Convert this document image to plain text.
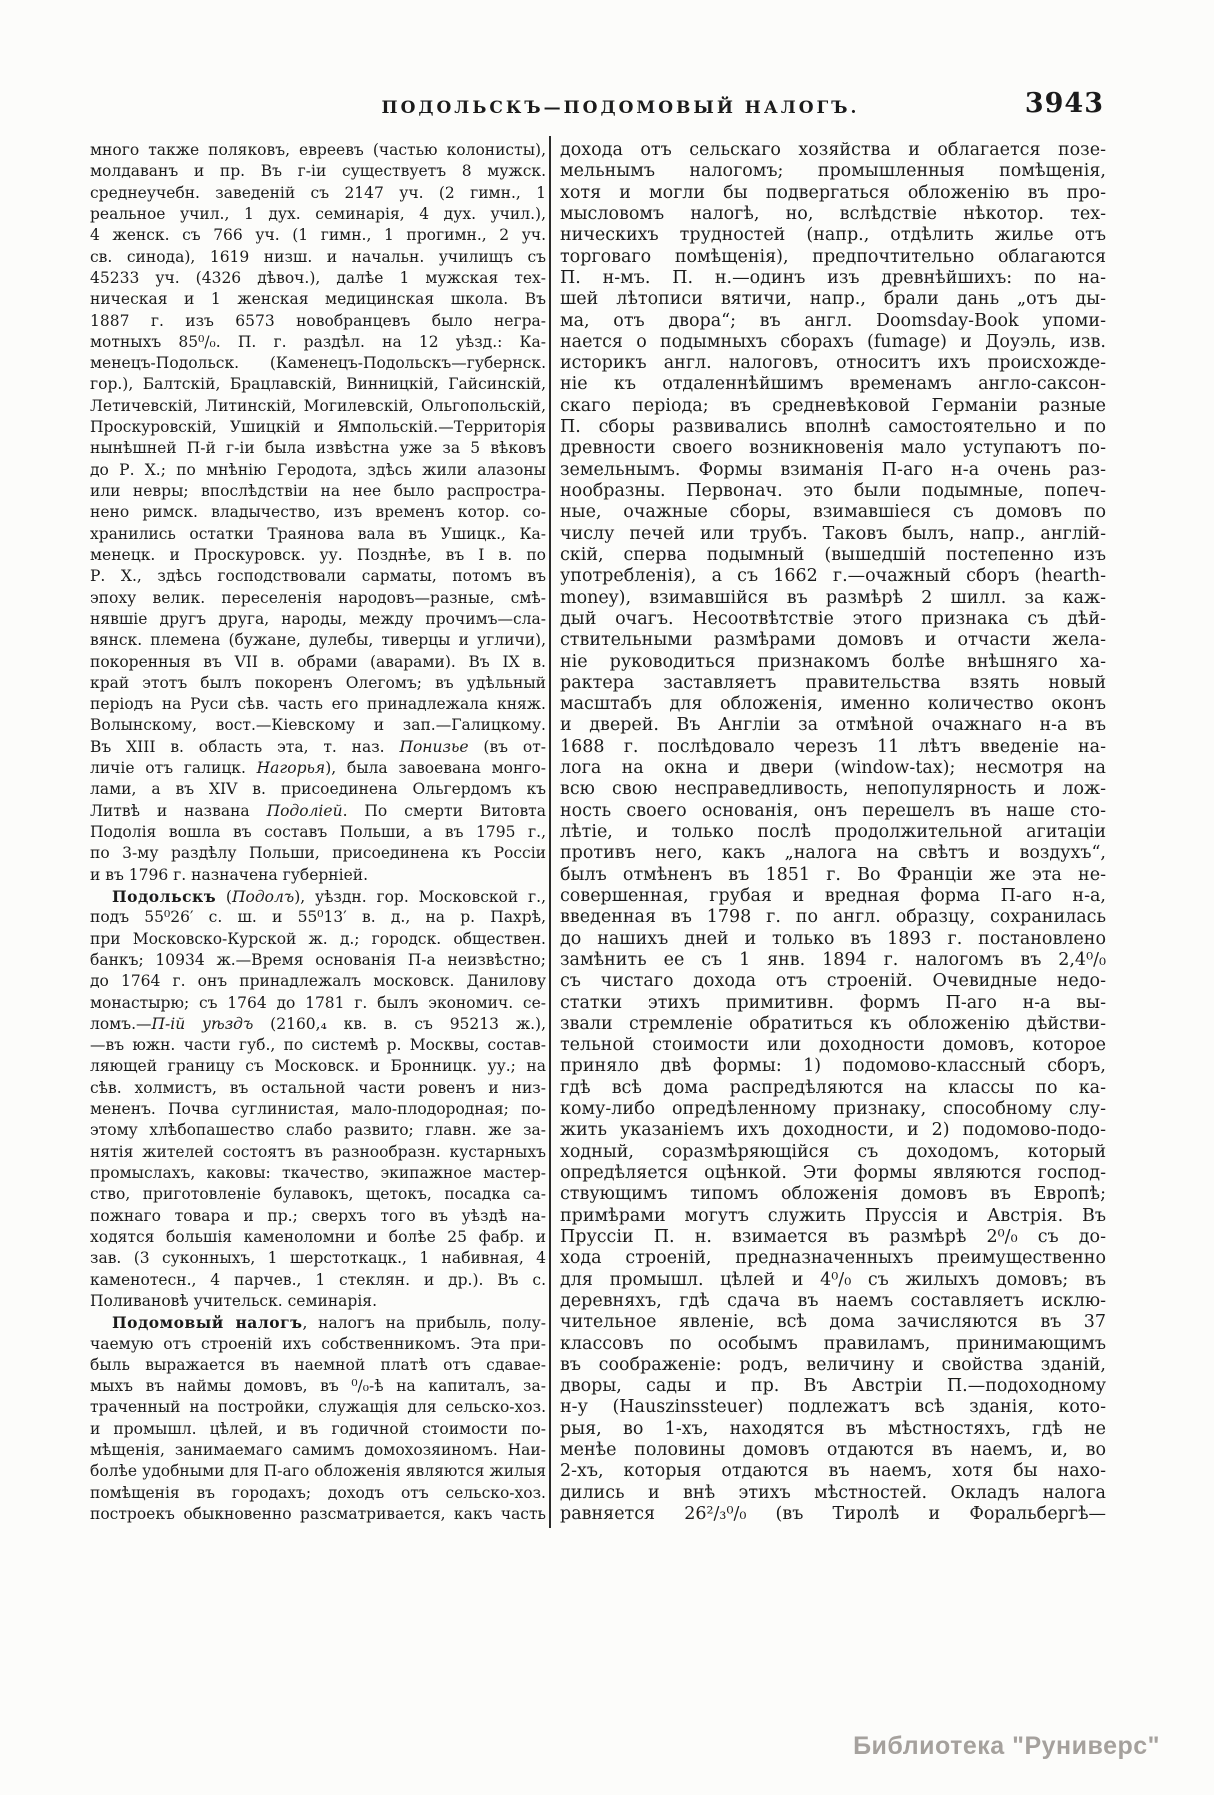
ПОДОЛЬСКЪ—ПОДОМОВЫЙ НАЛОГЪ.	3943
много также поляковъ, евреевъ (частью колонисты),
молдаванъ и пр. Въ г-іи существуетъ 8 мужск.
среднеучебн. заведеній съ 2147 уч. (2 гимн., 1
реальное учил., 1 дух. семинарія, 4 дух. учил.),
4 женск. съ 766 уч. (1 гимн., 1 прогимн., 2 уч.
св. синода), 1619 низш. и начальн. училищъ съ
45233 уч. (4326 дѣвоч.), далѣе 1 мужская тех-
ническая и 1 женская медицинская школа. Въ
1887 г. изъ 6573 новобранцевъ было негра-
мотныхъ 85⁰/₀. П. г. раздѣл. на 12 уѣзд.: Ка-
менецъ-Подольск. (Каменецъ-Подольскъ—губернск.
гор.), Балтскій, Брацлавскій, Винницкій, Гайсинскій,
Летичевскій, Литинскій, Могилевскій, Ольгопольскій,
Проскуровскій, Ушицкій и Ямпольскій.—Территорія
нынѣшней П-й г-іи была извѣстна уже за 5 вѣковъ
до Р. Х.; по мнѣнію Геродота, здѣсь жили алазоны
или невры; впослѣдствіи на нее было распростра-
нено римск. владычество, изъ временъ котор. со-
хранились остатки Траянова вала въ Ушицк., Ка-
менецк. и Проскуровск. уу. Позднѣе, въ I в. по
Р. Х., здѣсь господствовали сарматы, потомъ въ
эпоху велик. переселенія народовъ—разные, смѣ-
нявшіе другъ друга, народы, между прочимъ—сла-
вянск. племена (бужане, дулебы, тиверцы и угличи),
покоренныя въ VII в. обрами (аварами). Въ IX в.
край этотъ былъ покоренъ Олегомъ; въ удѣльный
періодъ на Руси сѣв. часть его принадлежала княж.
Волынскому, вост.—Кіевскому и зап.—Галицкому.
Въ XIII в. область эта, т. наз. Понизье (въ от-
личіе отъ галицк. Нагорья), была завоевана монго-
лами, а въ XIV в. присоединена Ольгердомъ къ
Литвѣ и названа Подоліей. По смерти Витовта
Подолія вошла въ составъ Польши, а въ 1795 г.,
по 3-му раздѣлу Польши, присоединена къ Россіи
и въ 1796 г. назначена губерніей.
Подольскъ (Подолъ), уѣздн. гор. Московской г.,
подъ 55⁰26′ с. ш. и 55⁰13′ в. д., на р. Пахрѣ,
при Московско-Курской ж. д.; городск. обществен.
банкъ; 10934 ж.—Время основанія П-а неизвѣстно;
до 1764 г. онъ принадлежалъ московск. Данилову
монастырю; съ 1764 до 1781 г. былъ экономич. се-
ломъ.—П-ій уѣздъ (2160,₄ кв. в. съ 95213 ж.),
—въ южн. части губ., по системѣ р. Москвы, состав-
ляющей границу съ Московск. и Бронницк. уу.; на
сѣв. холмистъ, въ остальной части ровенъ и низ-
мененъ. Почва суглинистая, мало-плодородная; по-
этому хлѣбопашество слабо развито; главн. же за-
нятія жителей состоятъ въ разнообразн. кустарныхъ
промыслахъ, каковы: ткачество, экипажное мастер-
ство, приготовленіе булавокъ, щетокъ, посадка са-
пожнаго товара и пр.; сверхъ того въ уѣздѣ на-
ходятся большія каменоломни и болѣе 25 фабр. и
зав. (3 суконныхъ, 1 шерстоткацк., 1 набивная, 4
каменотесн., 4 парчев., 1 стеклян. и др.). Въ с.
Поливановѣ учительск. семинарія.
Подомовый налогъ, налогъ на прибыль, полу-
чаемую отъ строеній ихъ собственникомъ. Эта при-
быль выражается въ наемной платѣ отъ сдавае-
мыхъ въ наймы домовъ, въ ⁰/₀-ѣ на капиталъ, за-
траченный на постройки, служащія для сельско-хоз.
и промышл. цѣлей, и въ годичной стоимости по-
мѣщенія, занимаемаго самимъ домохозяиномъ. Наи-
болѣе удобными для П-аго обложенія являются жилыя
помѣщенія въ городахъ; доходъ отъ сельско-хоз.
построекъ обыкновенно разсматривается, какъ часть
дохода отъ сельскаго хозяйства и облагается позе-
мельнымъ налогомъ; промышленныя помѣщенія,
хотя и могли бы подвергаться обложенію въ про-
мысловомъ налогѣ, но, вслѣдствіе нѣкотор. тех-
ническихъ трудностей (напр., отдѣлить жилье отъ
торговаго помѣщенія), предпочтительно облагаются
П. н-мъ. П. н.—одинъ изъ древнѣйшихъ: по на-
шей лѣтописи вятичи, напр., брали дань „отъ ды-
ма, отъ двора“; въ англ. Doomsday-Book упоми-
нается о подымныхъ сборахъ (fumage) и Доуэль, изв.
историкъ англ. налоговъ, относитъ ихъ происхожде-
ніе къ отдаленнѣйшимъ временамъ англо-саксон-
скаго періода; въ средневѣковой Германіи разные
П. сборы развивались вполнѣ самостоятельно и по
древности своего возникновенія мало уступаютъ по-
земельнымъ. Формы взиманія П-аго н-а очень раз-
нообразны. Первонач. это были подымные, попеч-
ные, очажные сборы, взимавшіеся съ домовъ по
числу печей или трубъ. Таковъ былъ, напр., англій-
скій, сперва подымный (вышедшій постепенно изъ
употребленія), а съ 1662 г.—очажный сборъ (hearth-
money), взимавшійся въ размѣрѣ 2 шилл. за каж-
дый очагъ. Несоотвѣтствіе этого признака съ дѣй-
ствительными размѣрами домовъ и отчасти жела-
ніе руководиться признакомъ болѣе внѣшняго ха-
рактера заставляетъ правительства взять новый
масштабъ для обложенія, именно количество оконъ
и дверей. Въ Англіи за отмѣной очажнаго н-а въ
1688 г. послѣдовало черезъ 11 лѣтъ введеніе на-
лога на окна и двери (window-tax); несмотря на
всю свою несправедливость, непопулярность и лож-
ность своего основанія, онъ перешелъ въ наше сто-
лѣтіе, и только послѣ продолжительной агитаціи
противъ него, какъ „налога на свѣтъ и воздухъ“,
былъ отмѣненъ въ 1851 г. Во Франціи же эта не-
совершенная, грубая и вредная форма П-аго н-а,
введенная въ 1798 г. по англ. образцу, сохранилась
до нашихъ дней и только въ 1893 г. постановлено
замѣнить ее съ 1 янв. 1894 г. налогомъ въ 2,4⁰/₀
съ чистаго дохода отъ строеній. Очевидные недо-
статки этихъ примитивн. формъ П-аго н-а вы-
звали стремленіе обратиться къ обложенію дѣйстви-
тельной стоимости или доходности домовъ, которое
приняло двѣ формы: 1) подомово-классный сборъ,
гдѣ всѣ дома распредѣляются на классы по ка-
кому-либо опредѣленному признаку, способному слу-
жить указаніемъ ихъ доходности, и 2) подомово-подо-
ходный, соразмѣряющійся съ доходомъ, который
опредѣляется оцѣнкой. Эти формы являются господ-
ствующимъ типомъ обложенія домовъ въ Европѣ;
примѣрами могутъ служить Пруссія и Австрія. Въ
Пруссіи П. н. взимается въ размѣрѣ 2⁰/₀ съ до-
хода строеній, предназначенныхъ преимущественно
для промышл. цѣлей и 4⁰/₀ съ жилыхъ домовъ; въ
деревняхъ, гдѣ сдача въ наемъ составляетъ исклю-
чительное явленіе, всѣ дома зачисляются въ 37
классовъ по особымъ правиламъ, принимающимъ
въ соображеніе: родъ, величину и свойства зданій,
дворы, сады и пр. Въ Австріи П.—подоходному
н-у (Hauszinssteuer) подлежатъ всѣ зданія, кото-
рыя, во 1-хъ, находятся въ мѣстностяхъ, гдѣ не
менѣе половины домовъ отдаются въ наемъ, и, во
2-хъ, которыя отдаются въ наемъ, хотя бы нахо-
дились и внѣ этихъ мѣстностей. Окладъ налога
равняется 26²/₃⁰/₀ (въ Тиролѣ и Форальбергѣ—
Библиотека "Руниверс"
